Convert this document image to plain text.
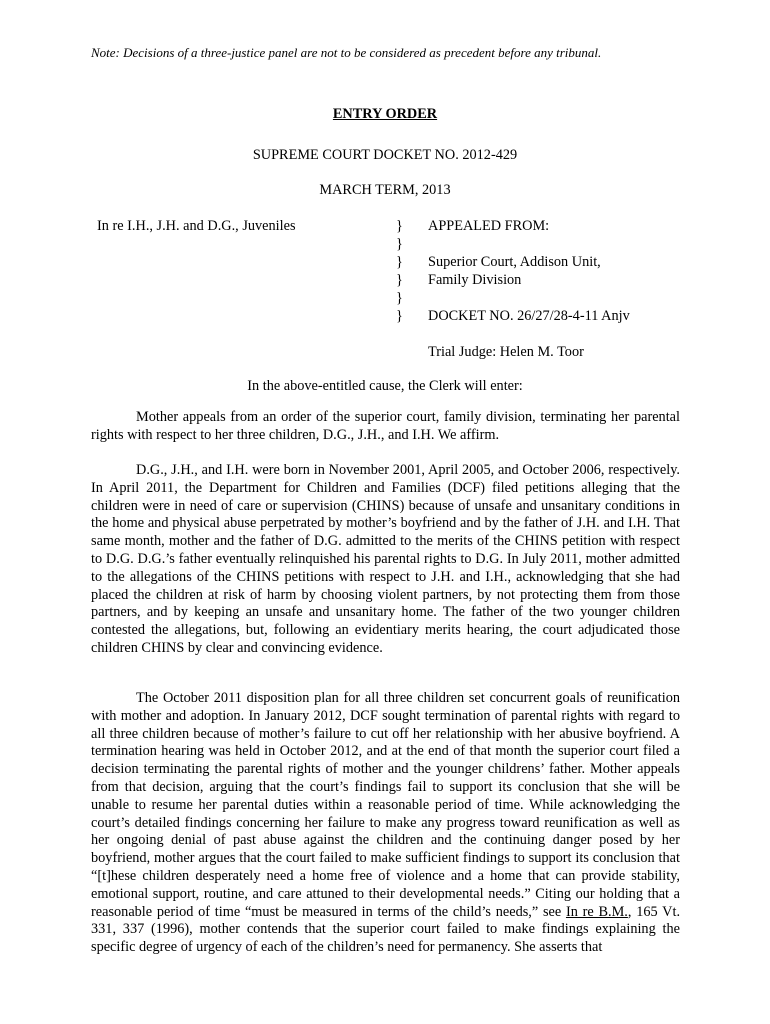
Note: Decisions of a three-justice panel are not to be considered as precedent before any tribunal.
ENTRY ORDER
SUPREME COURT DOCKET NO. 2012-429
MARCH TERM, 2013
In re I.H., J.H. and D.G., Juveniles	}
}
}
}
}
}
APPEALED FROM:
Superior Court, Addison Unit,
Family Division
DOCKET NO. 26/27/28-4-11 Anjv
Trial Judge: Helen M. Toor
In the above-entitled cause, the Clerk will enter:

Mother appeals from an order of the superior court, family division, terminating her parental rights with respect to her three children, D.G., J.H., and I.H. We affirm.

D.G., J.H., and I.H. were born in November 2001, April 2005, and October 2006, respectively. In April 2011, the Department for Children and Families (DCF) filed petitions alleging that the children were in need of care or supervision (CHINS) because of unsafe and unsanitary conditions in the home and physical abuse perpetrated by mother’s boyfriend and by the father of J.H. and I.H. That same month, mother and the father of D.G. admitted to the merits of the CHINS petition with respect to D.G. D.G.’s father eventually relinquished his parental rights to D.G. In July 2011, mother admitted to the allegations of the CHINS petitions with respect to J.H. and I.H., acknowledging that she had placed the children at risk of harm by choosing violent partners, by not protecting them from those partners, and by keeping an unsafe and unsanitary home. The father of the two younger children contested the allegations, but, following an evidentiary merits hearing, the court adjudicated those children CHINS by clear and convincing evidence.

The October 2011 disposition plan for all three children set concurrent goals of reunification with mother and adoption. In January 2012, DCF sought termination of parental rights with regard to all three children because of mother’s failure to cut off her relationship with her abusive boyfriend. A termination hearing was held in October 2012, and at the end of that month the superior court filed a decision terminating the parental rights of mother and the younger childrens’ father. Mother appeals from that decision, arguing that the court’s findings fail to support its conclusion that she will be unable to resume her parental duties within a reasonable period of time. While acknowledging the court’s detailed findings concerning her failure to make any progress toward reunification as well as her ongoing denial of past abuse against the children and the continuing danger posed by her boyfriend, mother argues that the court failed to make sufficient findings to support its conclusion that “[t]hese children desperately need a home free of violence and a home that can provide stability, emotional support, routine, and care attuned to their developmental needs.” Citing our holding that a reasonable period of time “must be measured in terms of the child’s needs,” see In re B.M., 165 Vt. 331, 337 (1996), mother contends that the superior court failed to make findings explaining the specific degree of urgency of each of the children’s need for permanency. She asserts that
